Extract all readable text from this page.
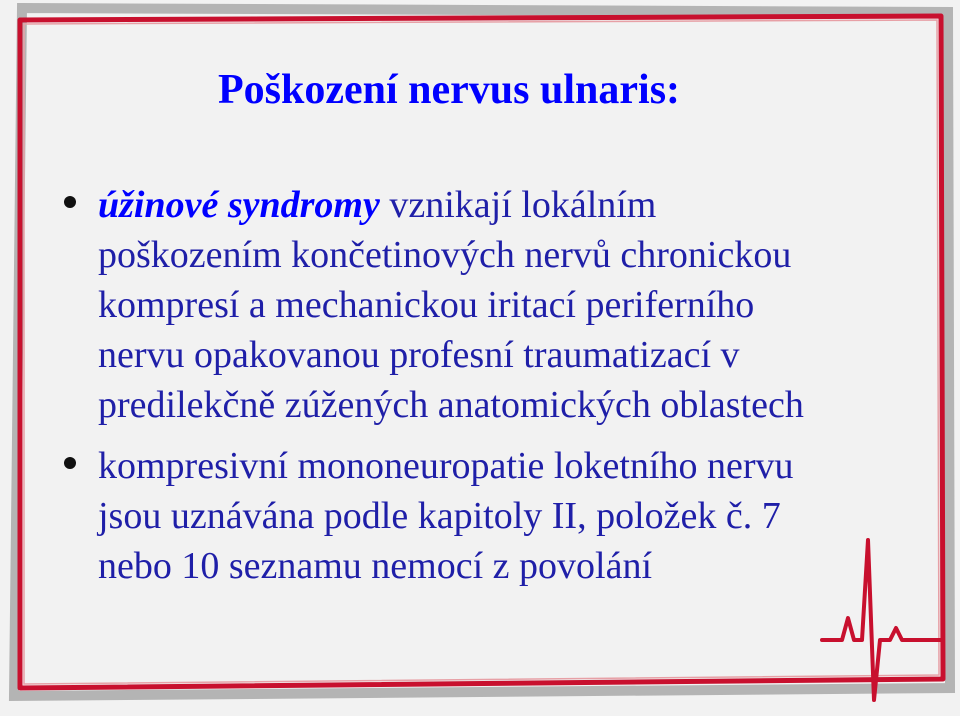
Poškození nervus ulnaris:
úžinové syndromy vznikají lokálním
poškozením končetinových nervů chronickou
kompresí a mechanickou iritací periferního
nervu opakovanou profesní traumatizací v
predilekčně zúžených anatomických oblastech
kompresivní mononeuropatie loketního nervu
jsou uznávána podle kapitoly II, položek č. 7
nebo 10 seznamu nemocí z povolání
